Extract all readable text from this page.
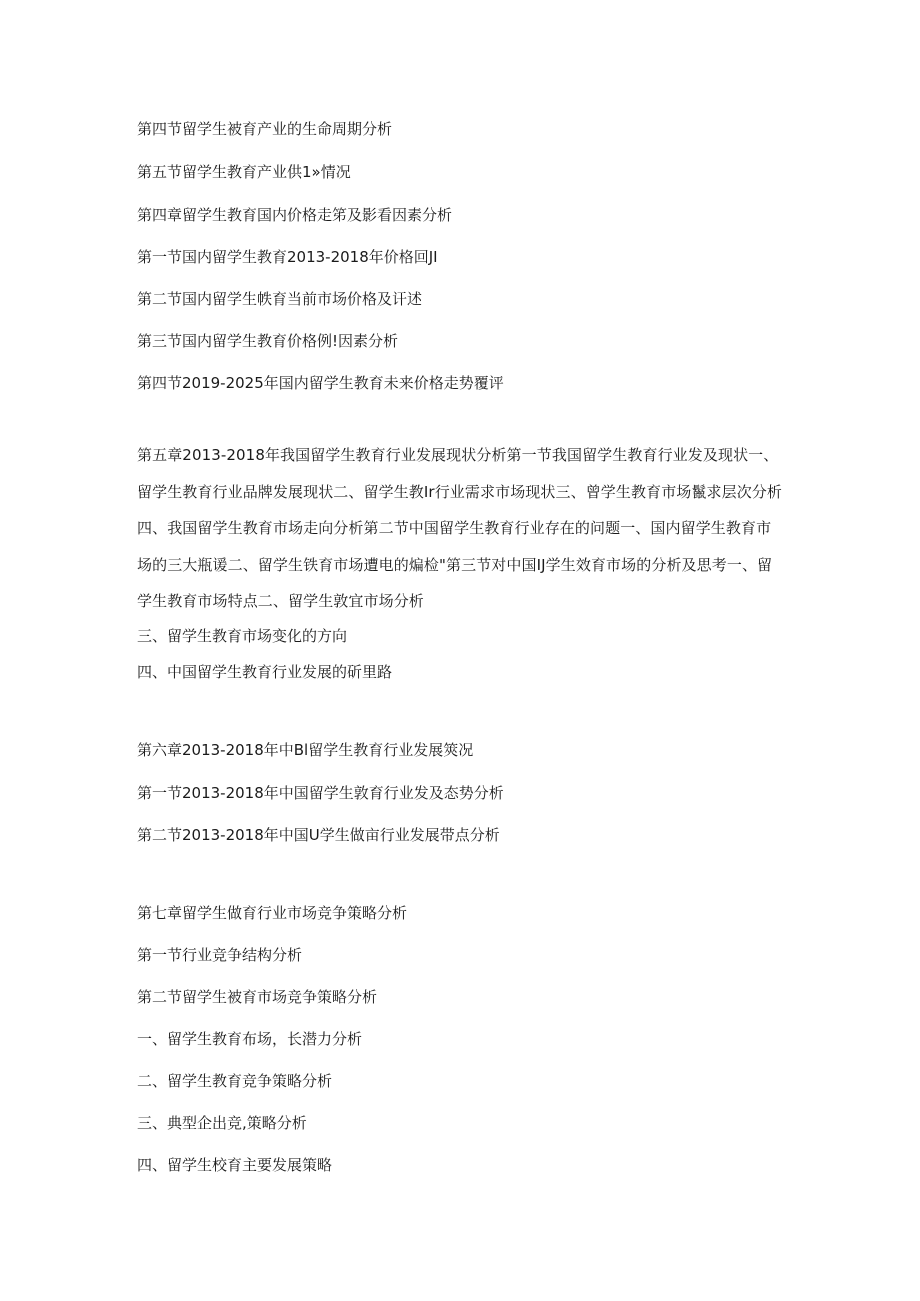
第四节留学生被育产业的生命周期分析
第五节留学生教育产业供1»情况
第四章留学生教育国内价格走笫及影看因素分析
第一节国内留学生教育2013-2018年价格回JI
第二节国内留学生帙育当前市场价格及讦述
第三节国内留学生教育价格例!因素分析
第四节2019-2025年国内留学生教育未来价格走势覆评
第五章2013-2018年我国留学生教育行业发展现状分析第一节我国留学生教育行业发及现状一、留学生教育行业品牌发展现状二、留学生教Ir行业需求市场现状三、曾学生教育市场鬣求层次分析四、我国留学生教育市场走向分析第二节中国留学生教育行业存在的问题一、国内留学生教育市场的三大瓶谖二、留学生铁育市场遭电的煸检"第三节对中国IJ学生效育市场的分析及思考一、留学生教育市场特点二、留学生敦宜市场分析
三、留学生教育市场变化的方向
四、中国留学生教育行业发展的斫里路
第六章2013-2018年中Bl留学生教育行业发展筴况
第一节2013-2018年中国留学生敦育行业发及态势分析
第二节2013-2018年中国U学生做亩行业发展带点分析
第七章留学生做育行业市场竞争策略分析
第一节行业竞争结构分析
第二节留学生被育市场竞争策略分析
一、留学生教育布场，长潜力分析
二、留学生教育竞争策略分析
三、典型企出竞,策略分析
四、留学生校育主要发展策略
